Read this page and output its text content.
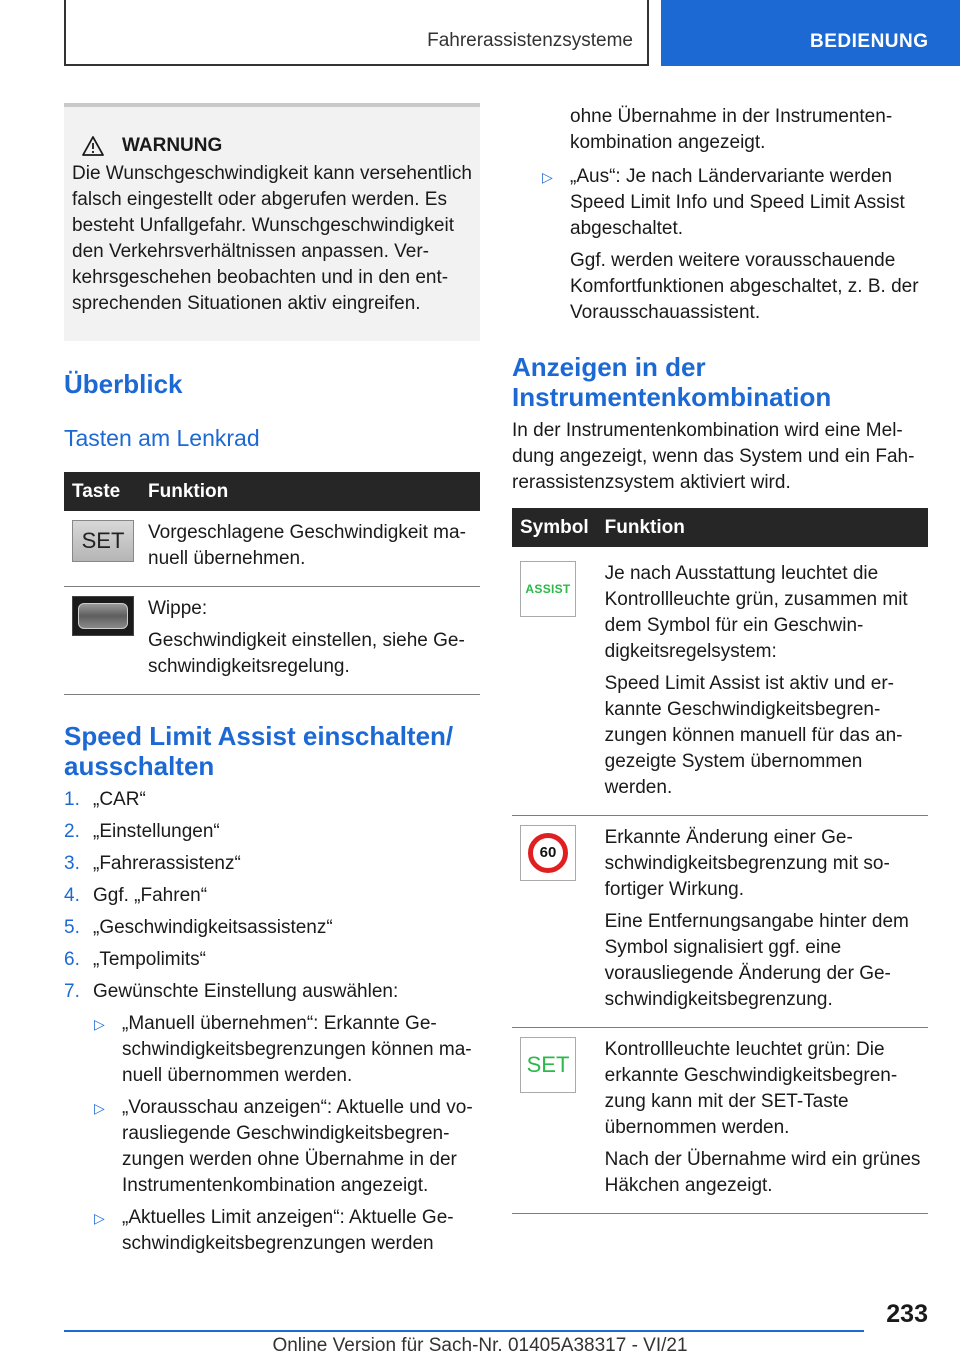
Fahrerassistenzsysteme	BEDIENUNG
WARNUNG

Die Wunschgeschwindigkeit kann versehentlich falsch eingestellt oder abgerufen werden. Es besteht Unfallgefahr. Wunschgeschwindigkeit den Verkehrsverhältnissen anpassen. Verkehrsgeschehen beobachten und in den entsprechenden Situationen aktiv eingreifen.

Überblick
Tasten am Lenkrad
Taste	Funktion

SET	Vorgeschlagene Geschwindigkeit manuell übernehmen.

	Wippe:

Geschwindigkeit einstellen, siehe Geschwindigkeitsregelung.

Speed Limit Assist einschalten/ ausschalten
1. „CAR“
2. „Einstellungen“
3. „Fahrerassistenz“
4. Ggf. „Fahren“
5. „Geschwindigkeitsassistenz“
6. „Tempolimits“
7. Gewünschte Einstellung auswählen:
▷ „Manuell übernehmen“: Erkannte Geschwindigkeitsbegrenzungen können manuell übernommen werden.
▷ „Vorausschau anzeigen“: Aktuelle und vorausliegende Geschwindigkeitsbegrenzungen werden ohne Übernahme in der Instrumentenkombination angezeigt.
▷ „Aktuelles Limit anzeigen“: Aktuelle Geschwindigkeitsbegrenzungen werden
ohne Übernahme in der Instrumentenkombination angezeigt.
▷ „Aus“: Je nach Ländervariante werden Speed Limit Info und Speed Limit Assist abgeschaltet.
Ggf. werden weitere vorausschauende Komfortfunktionen abgeschaltet, z. B. der Vorausschauassistent.
Anzeigen in der Instrumentenkombination

In der Instrumentenkombination wird eine Meldung angezeigt, wenn das System und ein Fahrerassistenzsystem aktiviert wird.

Symbol	Funktion

ASSIST	Je nach Ausstattung leuchtet die Kontrollleuchte grün, zusammen mit dem Symbol für ein Geschwindigkeitsregelsystem:

Speed Limit Assist ist aktiv und erkannte Geschwindigkeitsbegrenzungen können manuell für das angezeigte System übernommen werden.

60	Erkannte Änderung einer Geschwindigkeitsbegrenzung mit sofortiger Wirkung.

Eine Entfernungsangabe hinter dem Symbol signalisiert ggf. eine vorausliegende Änderung der Geschwindigkeitsbegrenzung.

SET	Kontrollleuchte leuchtet grün: Die erkannte Geschwindigkeitsbegrenzung kann mit der SET-Taste übernommen werden.

Nach der Übernahme wird ein grünes Häkchen angezeigt.

233
Online Version für Sach-Nr. 01405A38317 - VI/21
